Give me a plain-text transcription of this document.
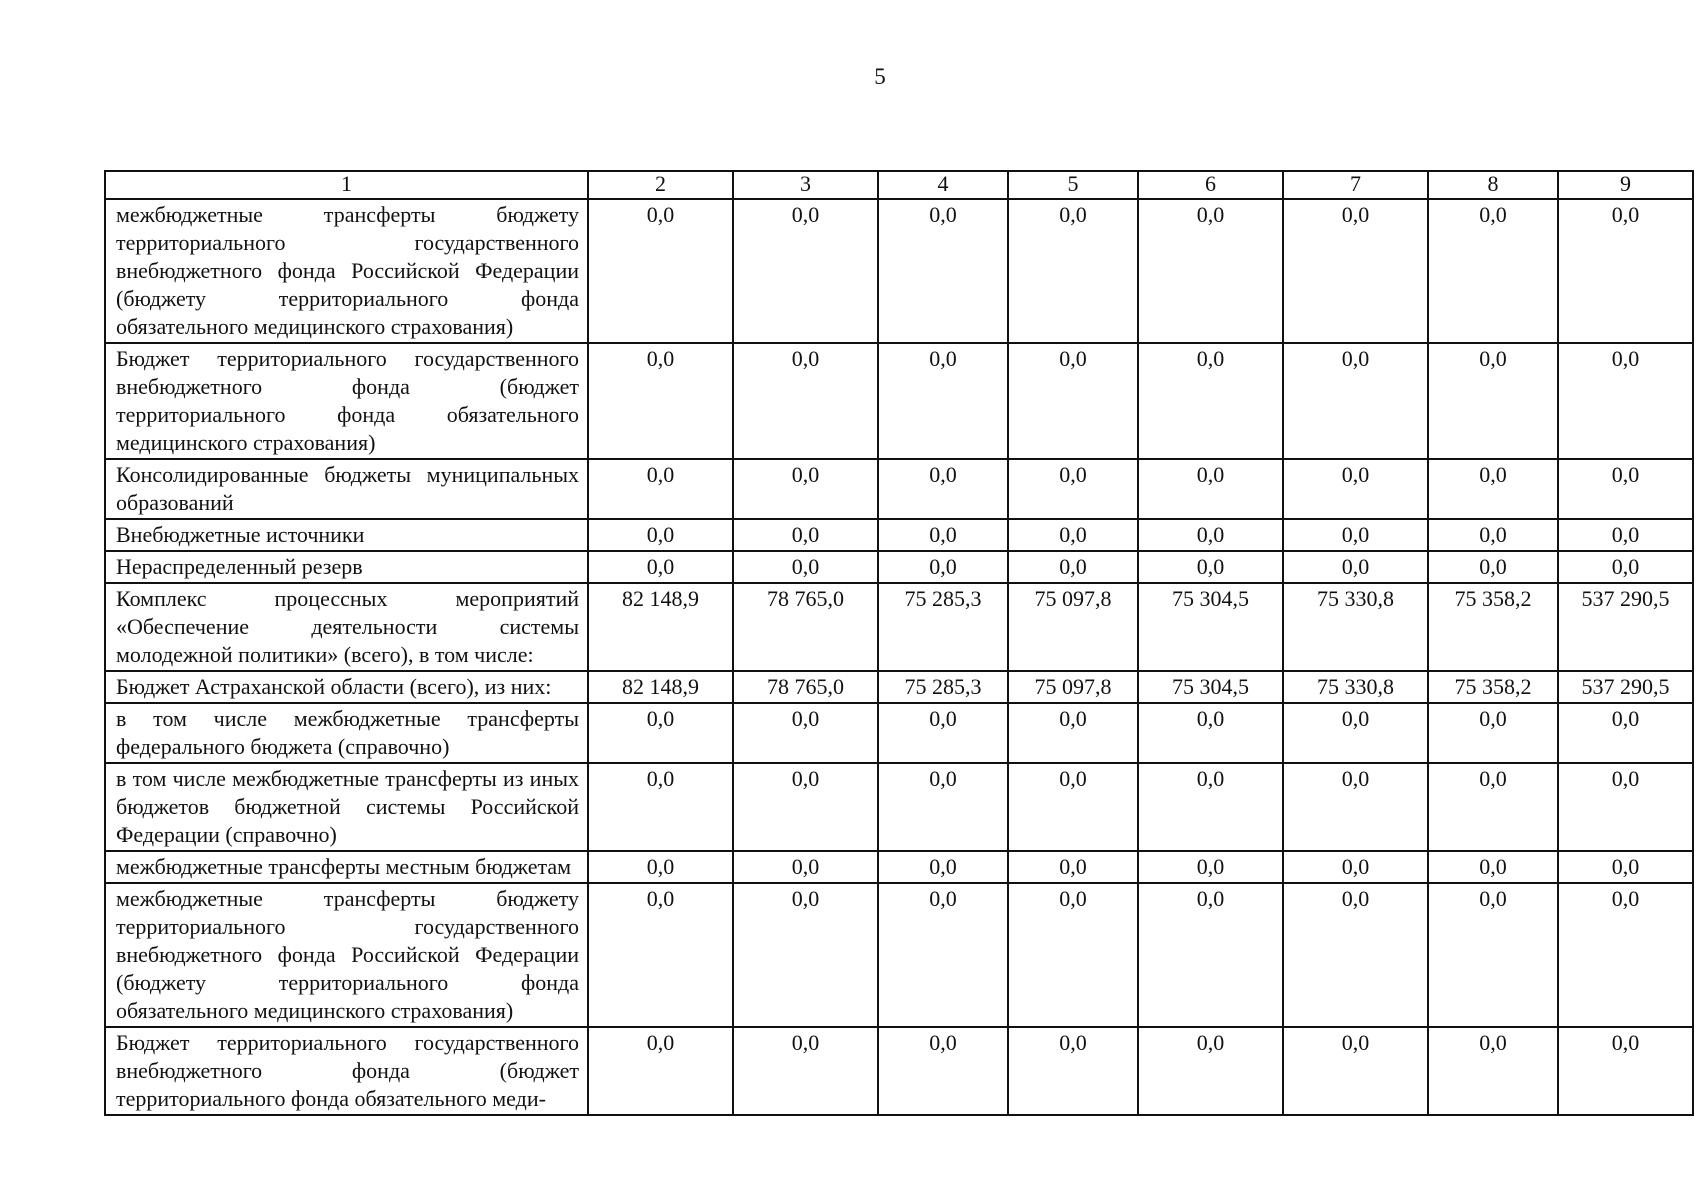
5
1	2	3	4	5	6	7	8	9
межбюджетные трансферты бюджету территориального государственного внебюджетного фонда Российской Федерации (бюджету территориального фонда обязательного медицинского страхования)	0,0	0,0	0,0	0,0	0,0	0,0	0,0	0,0
Бюджет территориального государственного внебюджетного фонда (бюджет территориального фонда обязательного медицинского страхования)	0,0	0,0	0,0	0,0	0,0	0,0	0,0	0,0
Консолидированные бюджеты муниципальных образований	0,0	0,0	0,0	0,0	0,0	0,0	0,0	0,0
Внебюджетные источники	0,0	0,0	0,0	0,0	0,0	0,0	0,0	0,0
Нераспределенный резерв	0,0	0,0	0,0	0,0	0,0	0,0	0,0	0,0
Комплекс процессных мероприятий «Обеспечение деятельности системы молодежной политики» (всего), в том числе:	82 148,9	78 765,0	75 285,3	75 097,8	75 304,5	75 330,8	75 358,2	537 290,5
Бюджет Астраханской области (всего), из них:	82 148,9	78 765,0	75 285,3	75 097,8	75 304,5	75 330,8	75 358,2	537 290,5
в том числе межбюджетные трансферты федерального бюджета (справочно)	0,0	0,0	0,0	0,0	0,0	0,0	0,0	0,0
в том числе межбюджетные трансферты из иных бюджетов бюджетной системы Российской Федерации (справочно)	0,0	0,0	0,0	0,0	0,0	0,0	0,0	0,0
межбюджетные трансферты местным бюджетам	0,0	0,0	0,0	0,0	0,0	0,0	0,0	0,0
межбюджетные трансферты бюджету территориального государственного внебюджетного фонда Российской Федерации (бюджету территориального фонда обязательного медицинского страхования)	0,0	0,0	0,0	0,0	0,0	0,0	0,0	0,0
Бюджет территориального государственного внебюджетного фонда (бюджет территориального фонда обязательного меди-	0,0	0,0	0,0	0,0	0,0	0,0	0,0	0,0
